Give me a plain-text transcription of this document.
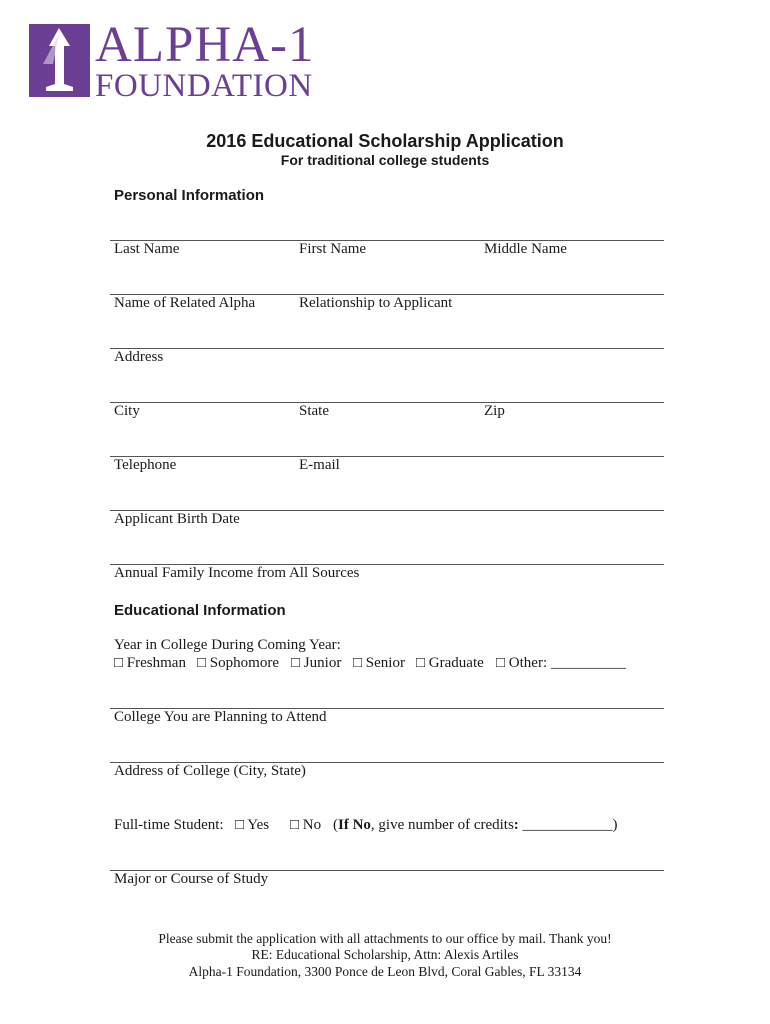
ALPHA-1
FOUNDATION
2016 Educational Scholarship Application
For traditional college students
Personal Information
Last Name	First Name	Middle Name
Name of Related Alpha	Relationship to Applicant
Address
City	State	Zip
Telephone	E-mail
Applicant Birth Date
Annual Family Income from All Sources
Educational Information
Year in College During Coming Year:
□ Freshman □ Sophomore □ Junior □ Senior □ Graduate □ Other: __________
College You are Planning to Attend
Address of College (City, State)
Full-time Student: □ Yes □ No (If No, give number of credits: ____________)
Major or Course of Study
Please submit the application with all attachments to our office by mail. Thank you!
RE: Educational Scholarship, Attn: Alexis Artiles
Alpha-1 Foundation, 3300 Ponce de Leon Blvd, Coral Gables, FL 33134
